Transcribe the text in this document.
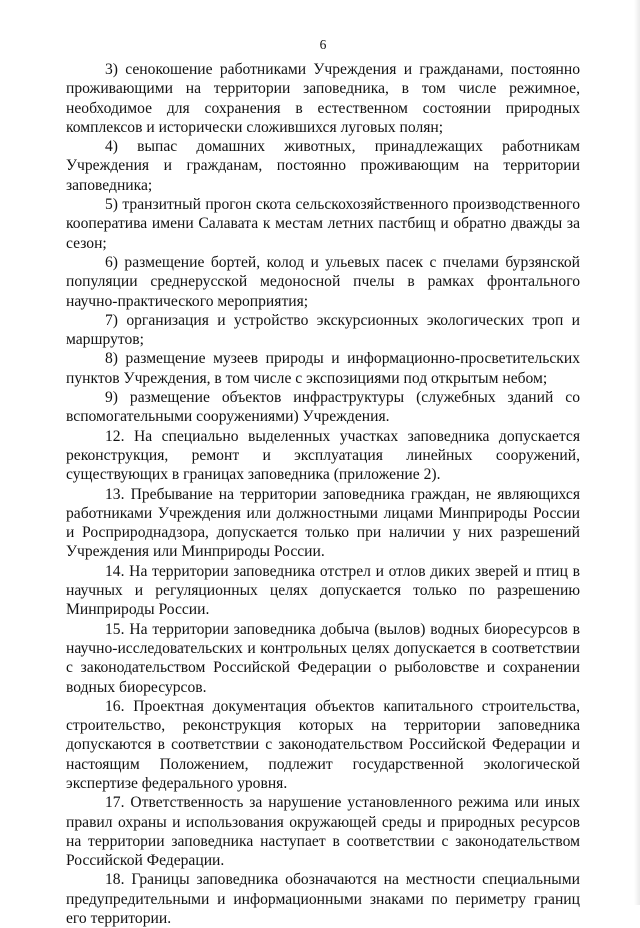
6

3) сенокошение работниками Учреждения и гражданами, постоянно проживающими на территории заповедника, в том числе режимное, необходимое для сохранения в естественном состоянии природных комплексов и исторически сложившихся луговых полян;

4) выпас домашних животных, принадлежащих работникам Учреждения и гражданам, постоянно проживающим на территории заповедника;

5) транзитный прогон скота сельскохозяйственного производственного кооператива имени Салавата к местам летних пастбищ и обратно дважды за сезон;

6) размещение бортей, колод и ульевых пасек с пчелами бурзянской популяции среднерусской медоносной пчелы в рамках фронтального научно-практического мероприятия;

7) организация и устройство экскурсионных экологических троп и маршрутов;

8) размещение музеев природы и информационно-просветительских пунктов Учреждения, в том числе с экспозициями под открытым небом;

9) размещение объектов инфраструктуры (служебных зданий со вспомогательными сооружениями) Учреждения.

12. На специально выделенных участках заповедника допускается реконструкция, ремонт и эксплуатация линейных сооружений, существующих в границах заповедника (приложение 2).

13. Пребывание на территории заповедника граждан, не являющихся работниками Учреждения или должностными лицами Минприроды России и Росприроднадзора, допускается только при наличии у них разрешений Учреждения или Минприроды России.

14. На территории заповедника отстрел и отлов диких зверей и птиц в научных и регуляционных целях допускается только по разрешению Минприроды России.

15. На территории заповедника добыча (вылов) водных биоресурсов в научно-исследовательских и контрольных целях допускается в соответствии с законодательством Российской Федерации о рыболовстве и сохранении водных биоресурсов.

16. Проектная документация объектов капитального строительства, строительство, реконструкция которых на территории заповедника допускаются в соответствии с законодательством Российской Федерации и настоящим Положением, подлежит государственной экологической экспертизе федерального уровня.

17. Ответственность за нарушение установленного режима или иных правил охраны и использования окружающей среды и природных ресурсов на территории заповедника наступает в соответствии с законодательством Российской Федерации.

18. Границы заповедника обозначаются на местности специальными предупредительными и информационными знаками по периметру границ его территории.
